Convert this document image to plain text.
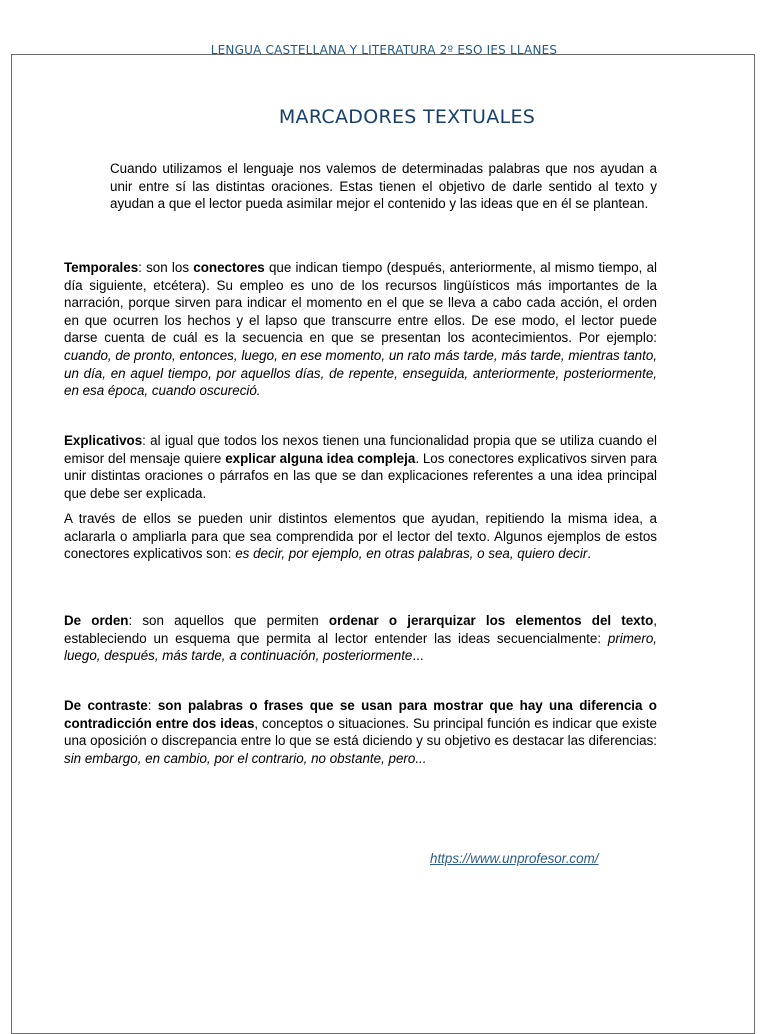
LENGUA CASTELLANA Y LITERATURA 2º ESO IES LLANES
MARCADORES TEXTUALES

Cuando utilizamos el lenguaje nos valemos de determinadas palabras que nos ayudan a unir entre sí las distintas oraciones. Estas tienen el objetivo de darle sentido al texto y ayudan a que el lector pueda asimilar mejor el contenido y las ideas que en él se plantean.

Temporales: son los conectores que indican tiempo (después, anteriormente, al mismo tiempo, al día siguiente, etcétera). Su empleo es uno de los recursos lingüísticos más importantes de la narración, porque sirven para indicar el momento en el que se lleva a cabo cada acción, el orden en que ocurren los hechos y el lapso que transcurre entre ellos. De ese modo, el lector puede darse cuenta de cuál es la secuencia en que se presentan los acontecimientos. Por ejemplo: cuando, de pronto, entonces, luego, en ese momento, un rato más tarde, más tarde, mientras tanto, un día, en aquel tiempo, por aquellos días, de repente, enseguida, anteriormente, posteriormente, en esa época, cuando oscureció.

Explicativos: al igual que todos los nexos tienen una funcionalidad propia que se utiliza cuando el emisor del mensaje quiere explicar alguna idea compleja. Los conectores explicativos sirven para unir distintas oraciones o párrafos en las que se dan explicaciones referentes a una idea principal que debe ser explicada.

A través de ellos se pueden unir distintos elementos que ayudan, repitiendo la misma idea, a aclararla o ampliarla para que sea comprendida por el lector del texto. Algunos ejemplos de estos conectores explicativos son: es decir, por ejemplo, en otras palabras, o sea, quiero decir.

De orden: son aquellos que permiten ordenar o jerarquizar los elementos del texto, estableciendo un esquema que permita al lector entender las ideas secuencialmente: primero, luego, después, más tarde, a continuación, posteriormente...

De contraste: son palabras o frases que se usan para mostrar que hay una diferencia o contradicción entre dos ideas, conceptos o situaciones. Su principal función es indicar que existe una oposición o discrepancia entre lo que se está diciendo y su objetivo es destacar las diferencias: sin embargo, en cambio, por el contrario, no obstante, pero...

https://www.unprofesor.com/
